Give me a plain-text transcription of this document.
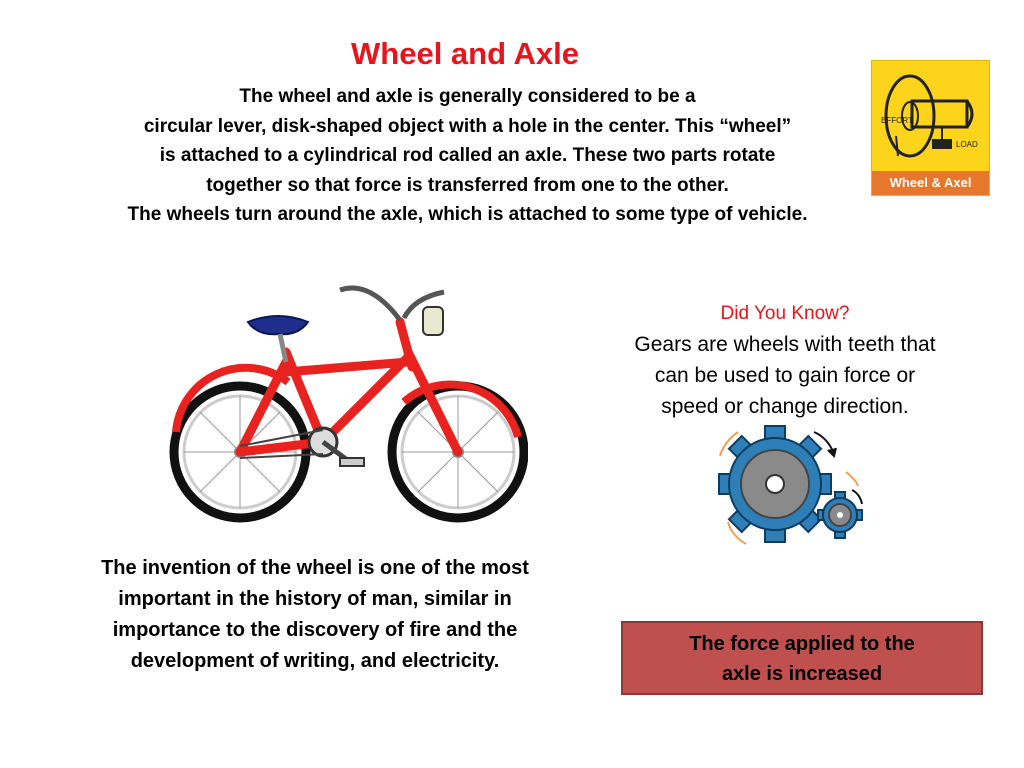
Wheel and Axle
The wheel and axle is generally considered to be a
circular lever, disk-shaped object with a hole in the center. This “wheel”
is attached to a cylindrical rod called an axle. These two parts rotate
together so that force is transferred from one to the other.
The wheels turn around the axle, which is attached to some type of vehicle.
EFFORT
LOAD
Wheel & Axel
Did You Know?
Gears are wheels with teeth that
can be used to gain force or
speed or change direction.
The invention of the wheel is one of the most
important in the history of man, similar in
importance to the discovery of fire and the
development of writing, and electricity.
The force applied to the
axle is increased
